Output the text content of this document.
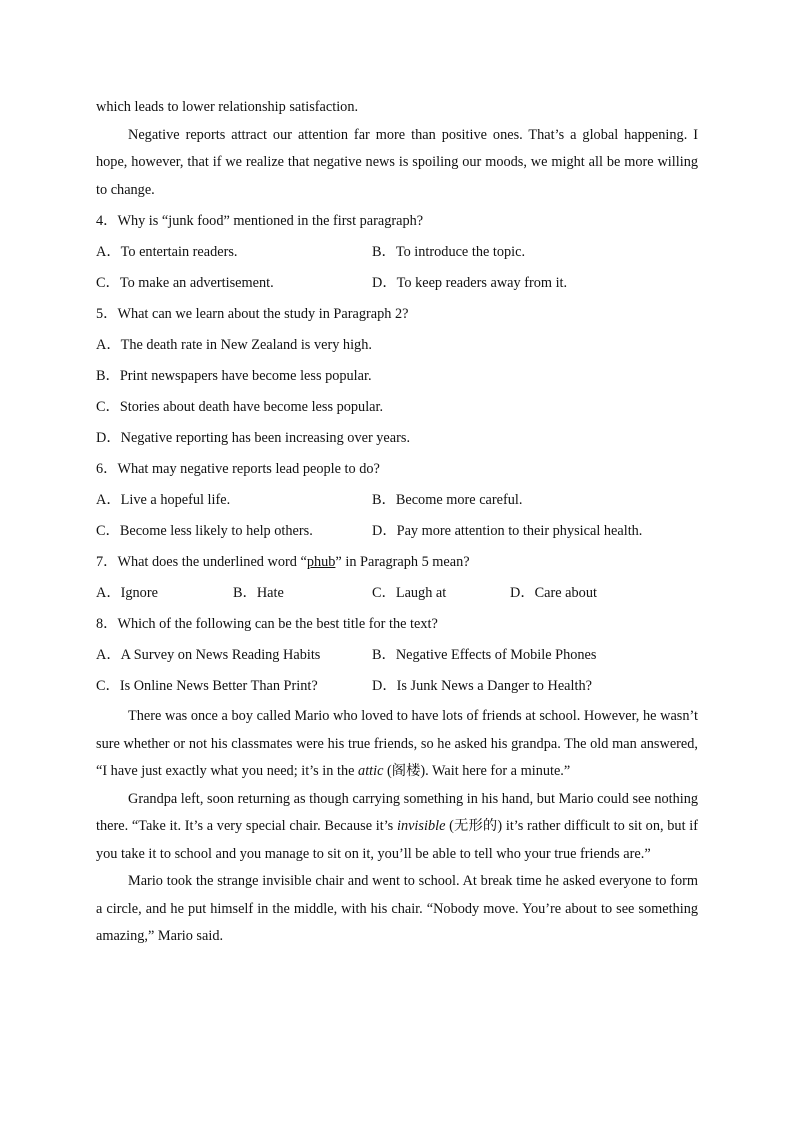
which leads to lower relationship satisfaction.

Negative reports attract our attention far more than positive ones. That’s a global happening. I hope, however, that if we realize that negative news is spoiling our moods, we might all be more willing to change.

4．Why is “junk food” mentioned in the first paragraph?
A．To entertain readers.	B．To introduce the topic.
C．To make an advertisement.	D．To keep readers away from it.
5．What can we learn about the study in Paragraph 2?
A．The death rate in New Zealand is very high.
B．Print newspapers have become less popular.
C．Stories about death have become less popular.
D．Negative reporting has been increasing over years.
6．What may negative reports lead people to do?
A．Live a hopeful life.	B．Become more careful.
C．Become less likely to help others.	D．Pay more attention to their physical health.
7．What does the underlined word “phub” in Paragraph 5 mean?
A．Ignore	B．Hate	C．Laugh at	D．Care about
8．Which of the following can be the best title for the text?
A．A Survey on News Reading Habits	B．Negative Effects of Mobile Phones
C．Is Online News Better Than Print?	D．Is Junk News a Danger to Health?

There was once a boy called Mario who loved to have lots of friends at school. However, he wasn’t sure whether or not his classmates were his true friends, so he asked his grandpa. The old man answered, “I have just exactly what you need; it’s in the attic (阁楼). Wait here for a minute.”

Grandpa left, soon returning as though carrying something in his hand, but Mario could see nothing there. “Take it. It’s a very special chair. Because it’s invisible (无形的) it’s rather difficult to sit on, but if you take it to school and you manage to sit on it, you’ll be able to tell who your true friends are.”

Mario took the strange invisible chair and went to school. At break time he asked everyone to form a circle, and he put himself in the middle, with his chair. “Nobody move. You’re about to see something amazing,” Mario said.
